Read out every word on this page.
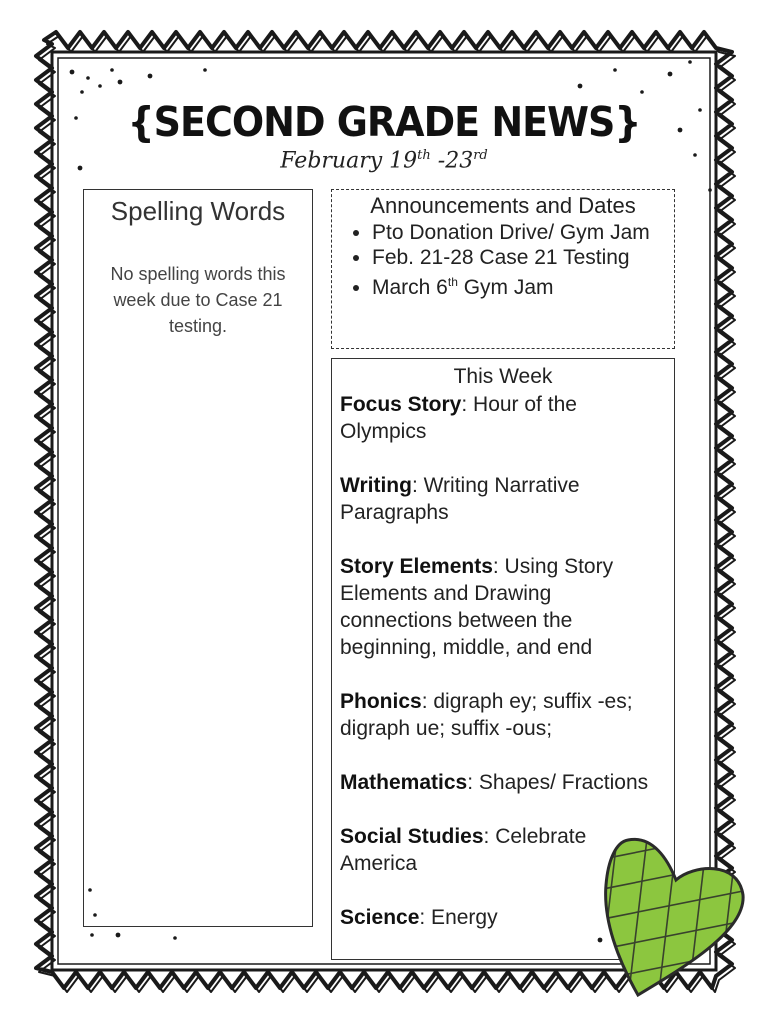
{SECOND GRADE NEWS}
February 19th -23rd
Spelling Words
No spelling words this week due to Case 21 testing.
Announcements and Dates
• Pto Donation Drive/ Gym Jam
• Feb. 21-28 Case 21 Testing
• March 6th Gym Jam
This Week
Focus Story: Hour of the Olympics
Writing: Writing Narrative Paragraphs
Story Elements: Using Story Elements and Drawing connections between the beginning, middle, and end
Phonics: digraph ey; suffix -es; digraph ue; suffix -ous;
Mathematics: Shapes/ Fractions
Social Studies: Celebrate America
Science: Energy
